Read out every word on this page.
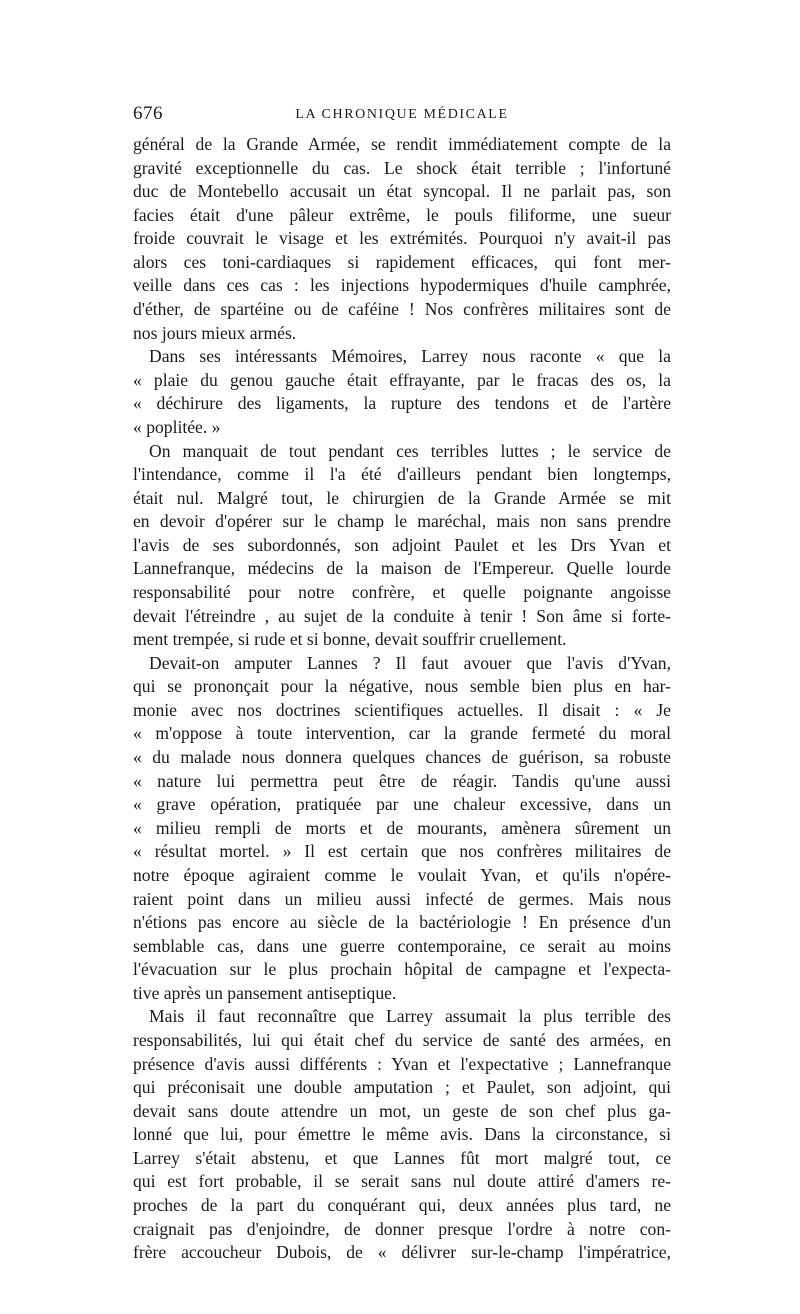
676	LA CHRONIQUE MÉDICALE
général de la Grande Armée, se rendit immédiatement compte de la
gravité exceptionnelle du cas. Le shock était terrible ; l'infortuné
duc de Montebello accusait un état syncopal. Il ne parlait pas, son
facies était d'une pâleur extrême, le pouls filiforme, une sueur
froide couvrait le visage et les extrémités. Pourquoi n'y avait-il pas
alors ces toni-cardiaques si rapidement efficaces, qui font mer-
veille dans ces cas : les injections hypodermiques d'huile camphrée,
d'éther, de spartéine ou de caféine ! Nos confrères militaires sont de
nos jours mieux armés.
Dans ses intéressants Mémoires, Larrey nous raconte « que la
« plaie du genou gauche était effrayante, par le fracas des os, la
« déchirure des ligaments, la rupture des tendons et de l'artère
« poplitée. »
On manquait de tout pendant ces terribles luttes ; le service de
l'intendance, comme il l'a été d'ailleurs pendant bien longtemps,
était nul. Malgré tout, le chirurgien de la Grande Armée se mit
en devoir d'opérer sur le champ le maréchal, mais non sans prendre
l'avis de ses subordonnés, son adjoint Paulet et les Drs Yvan et
Lannefranque, médecins de la maison de l'Empereur. Quelle lourde
responsabilité pour notre confrère, et quelle poignante angoisse
devait l'étreindre , au sujet de la conduite à tenir ! Son âme si forte-
ment trempée, si rude et si bonne, devait souffrir cruellement.
Devait-on amputer Lannes ? Il faut avouer que l'avis d'Yvan,
qui se prononçait pour la négative, nous semble bien plus en har-
monie avec nos doctrines scientifiques actuelles. Il disait : « Je
« m'oppose à toute intervention, car la grande fermeté du moral
« du malade nous donnera quelques chances de guérison, sa robuste
« nature lui permettra peut être de réagir. Tandis qu'une aussi
« grave opération, pratiquée par une chaleur excessive, dans un
« milieu rempli de morts et de mourants, amènera sûrement un
« résultat mortel. » Il est certain que nos confrères militaires de
notre époque agiraient comme le voulait Yvan, et qu'ils n'opére-
raient point dans un milieu aussi infecté de germes. Mais nous
n'étions pas encore au siècle de la bactériologie ! En présence d'un
semblable cas, dans une guerre contemporaine, ce serait au moins
l'évacuation sur le plus prochain hôpital de campagne et l'expecta-
tive après un pansement antiseptique.
Mais il faut reconnaître que Larrey assumait la plus terrible des
responsabilités, lui qui était chef du service de santé des armées, en
présence d'avis aussi différents : Yvan et l'expectative ; Lannefranque
qui préconisait une double amputation ; et Paulet, son adjoint, qui
devait sans doute attendre un mot, un geste de son chef plus ga-
lonné que lui, pour émettre le même avis. Dans la circonstance, si
Larrey s'était abstenu, et que Lannes fût mort malgré tout, ce
qui est fort probable, il se serait sans nul doute attiré d'amers re-
proches de la part du conquérant qui, deux années plus tard, ne
craignait pas d'enjoindre, de donner presque l'ordre à notre con-
frère accoucheur Dubois, de « délivrer sur-le-champ l'impératrice,
